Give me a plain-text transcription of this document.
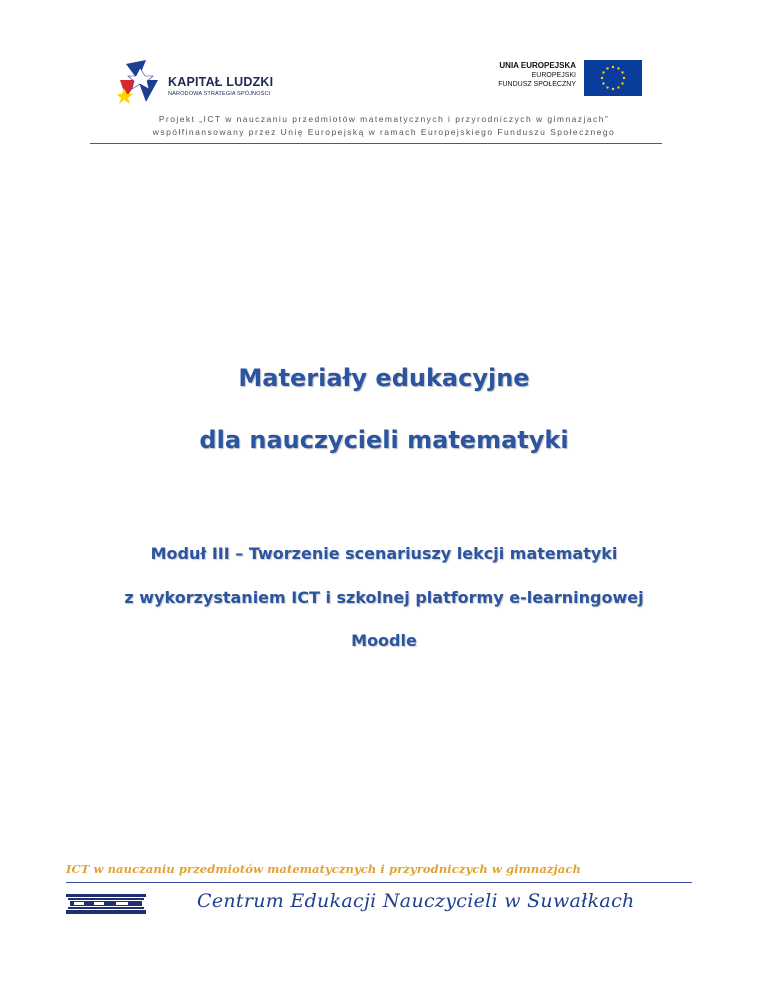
KAPITAŁ LUDZKI
NARODOWA STRATEGIA SPÓJNOŚCI
UNIA EUROPEJSKA
EUROPEJSKI
FUNDUSZ SPOŁECZNY
Projekt „ICT w nauczaniu przedmiotów matematycznych i przyrodniczych w gimnazjach”
współfinansowany przez Unię Europejską w ramach Europejskiego Funduszu Społecznego
Materiały edukacyjne
dla nauczycieli matematyki
Moduł III – Tworzenie scenariuszy lekcji matematyki
z wykorzystaniem ICT i szkolnej platformy e-learningowej
Moodle
ICT w nauczaniu przedmiotów matematycznych i przyrodniczych w gimnazjach
Centrum Edukacji Nauczycieli w Suwałkach
